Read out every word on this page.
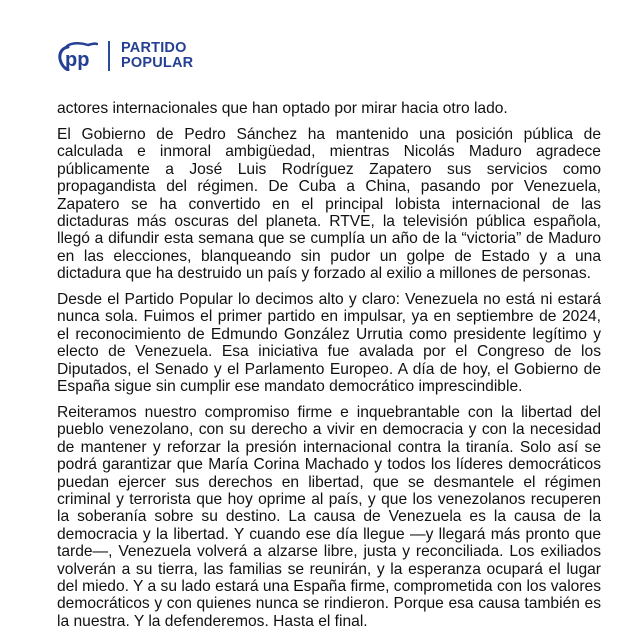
pp
PARTIDO
POPULAR

actores internacionales que han optado por mirar hacia otro lado.

El Gobierno de Pedro Sánchez ha mantenido una posición pública de calculada e inmoral ambigüedad, mientras Nicolás Maduro agradece públicamente a José Luis Rodríguez Zapatero sus servicios como propagandista del régimen. De Cuba a China, pasando por Venezuela, Zapatero se ha convertido en el principal lobista internacional de las dictaduras más oscuras del planeta. RTVE, la televisión pública española, llegó a difundir esta semana que se cumplía un año de la “victoria” de Maduro en las elecciones, blanqueando sin pudor un golpe de Estado y a una dictadura que ha destruido un país y forzado al exilio a millones de personas.

Desde el Partido Popular lo decimos alto y claro: Venezuela no está ni estará nunca sola. Fuimos el primer partido en impulsar, ya en septiembre de 2024, el reconocimiento de Edmundo González Urrutia como presidente legítimo y electo de Venezuela. Esa iniciativa fue avalada por el Congreso de los Diputados, el Senado y el Parlamento Europeo. A día de hoy, el Gobierno de España sigue sin cumplir ese mandato democrático imprescindible.

Reiteramos nuestro compromiso firme e inquebrantable con la libertad del pueblo venezolano, con su derecho a vivir en democracia y con la necesidad de mantener y reforzar la presión internacional contra la tiranía. Solo así se podrá garantizar que María Corina Machado y todos los líderes democráticos puedan ejercer sus derechos en libertad, que se desmantele el régimen criminal y terrorista que hoy oprime al país, y que los venezolanos recuperen la soberanía sobre su destino. La causa de Venezuela es la causa de la democracia y la libertad. Y cuando ese día llegue —y llegará más pronto que tarde—, Venezuela volverá a alzarse libre, justa y reconciliada. Los exiliados volverán a su tierra, las familias se reunirán, y la esperanza ocupará el lugar del miedo. Y a su lado estará una España firme, comprometida con los valores democráticos y con quienes nunca se rindieron. Porque esa causa también es la nuestra. Y la defenderemos. Hasta el final.
